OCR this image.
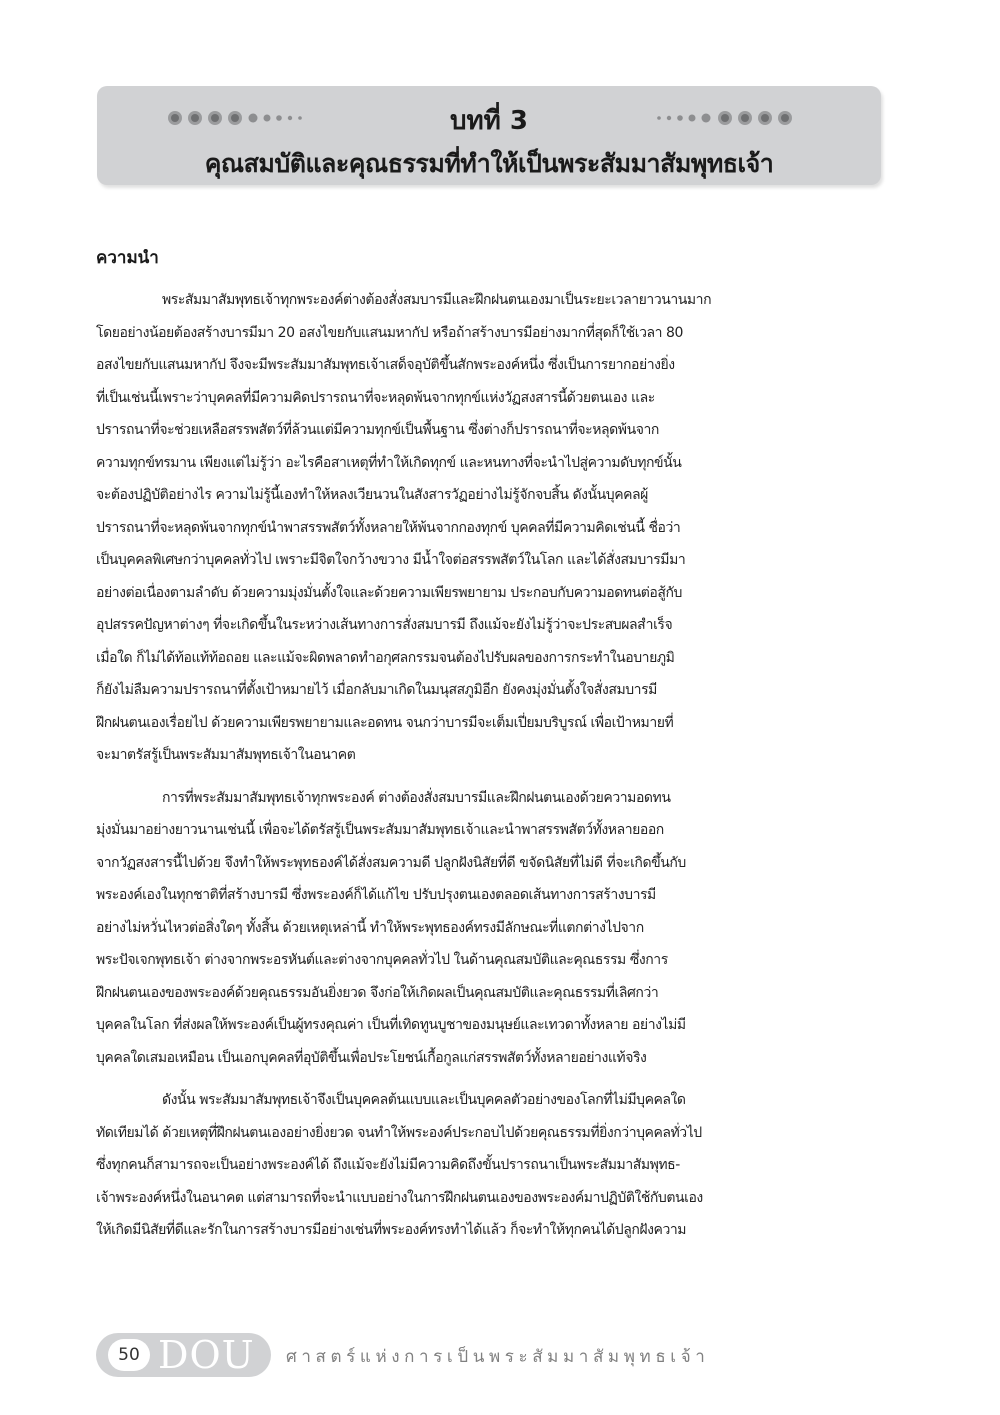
บทที่ 3
คุณสมบัติและคุณธรรมที่ทำให้เป็นพระสัมมาสัมพุทธเจ้า
ความนำ
พระสัมมาสัมพุทธเจ้าทุกพระองค์ต่างต้องสั่งสมบารมีและฝึกฝนตนเองมาเป็นระยะเวลายาวนานมาก
โดยอย่างน้อยต้องสร้างบารมีมา 20 อสงไขยกับแสนมหากัป หรือถ้าสร้างบารมีอย่างมากที่สุดก็ใช้เวลา 80
อสงไขยกับแสนมหากัป จึงจะมีพระสัมมาสัมพุทธเจ้าเสด็จอุบัติขึ้นสักพระองค์หนึ่ง ซึ่งเป็นการยากอย่างยิ่ง
ที่เป็นเช่นนี้เพราะว่าบุคคลที่มีความคิดปรารถนาที่จะหลุดพ้นจากทุกข์แห่งวัฏสงสารนี้ด้วยตนเอง และ
ปรารถนาที่จะช่วยเหลือสรรพสัตว์ที่ล้วนแต่มีความทุกข์เป็นพื้นฐาน ซึ่งต่างก็ปรารถนาที่จะหลุดพ้นจาก
ความทุกข์ทรมาน เพียงแต่ไม่รู้ว่า อะไรคือสาเหตุที่ทำให้เกิดทุกข์ และหนทางที่จะนำไปสู่ความดับทุกข์นั้น
จะต้องปฏิบัติอย่างไร ความไม่รู้นี้เองทำให้หลงเวียนวนในสังสารวัฏอย่างไม่รู้จักจบสิ้น ดังนั้นบุคคลผู้
ปรารถนาที่จะหลุดพ้นจากทุกข์นำพาสรรพสัตว์ทั้งหลายให้พ้นจากกองทุกข์ บุคคลที่มีความคิดเช่นนี้ ชื่อว่า
เป็นบุคคลพิเศษกว่าบุคคลทั่วไป เพราะมีจิตใจกว้างขวาง มีน้ำใจต่อสรรพสัตว์ในโลก และได้สั่งสมบารมีมา
อย่างต่อเนื่องตามลำดับ ด้วยความมุ่งมั่นตั้งใจและด้วยความเพียรพยายาม ประกอบกับความอดทนต่อสู้กับ
อุปสรรคปัญหาต่างๆ ที่จะเกิดขึ้นในระหว่างเส้นทางการสั่งสมบารมี ถึงแม้จะยังไม่รู้ว่าจะประสบผลสำเร็จ
เมื่อใด ก็ไม่ได้ท้อแท้ท้อถอย และแม้จะผิดพลาดทำอกุศลกรรมจนต้องไปรับผลของการกระทำในอบายภูมิ
ก็ยังไม่ลืมความปรารถนาที่ตั้งเป้าหมายไว้ เมื่อกลับมาเกิดในมนุสสภูมิอีก ยังคงมุ่งมั่นตั้งใจสั่งสมบารมี
ฝึกฝนตนเองเรื่อยไป ด้วยความเพียรพยายามและอดทน จนกว่าบารมีจะเต็มเปี่ยมบริบูรณ์ เพื่อเป้าหมายที่
จะมาตรัสรู้เป็นพระสัมมาสัมพุทธเจ้าในอนาคต
การที่พระสัมมาสัมพุทธเจ้าทุกพระองค์ ต่างต้องสั่งสมบารมีและฝึกฝนตนเองด้วยความอดทน
มุ่งมั่นมาอย่างยาวนานเช่นนี้ เพื่อจะได้ตรัสรู้เป็นพระสัมมาสัมพุทธเจ้าและนำพาสรรพสัตว์ทั้งหลายออก
จากวัฏสงสารนี้ไปด้วย จึงทำให้พระพุทธองค์ได้สั่งสมความดี ปลูกฝังนิสัยที่ดี ขจัดนิสัยที่ไม่ดี ที่จะเกิดขึ้นกับ
พระองค์เองในทุกชาติที่สร้างบารมี ซึ่งพระองค์ก็ได้แก้ไข ปรับปรุงตนเองตลอดเส้นทางการสร้างบารมี
อย่างไม่หวั่นไหวต่อสิ่งใดๆ ทั้งสิ้น ด้วยเหตุเหล่านี้ ทำให้พระพุทธองค์ทรงมีลักษณะที่แตกต่างไปจาก
พระปัจเจกพุทธเจ้า ต่างจากพระอรหันต์และต่างจากบุคคลทั่วไป ในด้านคุณสมบัติและคุณธรรม ซึ่งการ
ฝึกฝนตนเองของพระองค์ด้วยคุณธรรมอันยิ่งยวด จึงก่อให้เกิดผลเป็นคุณสมบัติและคุณธรรมที่เลิศกว่า
บุคคลในโลก ที่ส่งผลให้พระองค์เป็นผู้ทรงคุณค่า เป็นที่เทิดทูนบูชาของมนุษย์และเทวดาทั้งหลาย อย่างไม่มี
บุคคลใดเสมอเหมือน เป็นเอกบุคคลที่อุบัติขึ้นเพื่อประโยชน์เกื้อกูลแก่สรรพสัตว์ทั้งหลายอย่างแท้จริง
ดังนั้น พระสัมมาสัมพุทธเจ้าจึงเป็นบุคคลต้นแบบและเป็นบุคคลตัวอย่างของโลกที่ไม่มีบุคคลใด
ทัดเทียมได้ ด้วยเหตุที่ฝึกฝนตนเองอย่างยิ่งยวด จนทำให้พระองค์ประกอบไปด้วยคุณธรรมที่ยิ่งกว่าบุคคลทั่วไป
ซึ่งทุกคนก็สามารถจะเป็นอย่างพระองค์ได้ ถึงแม้จะยังไม่มีความคิดถึงขั้นปรารถนาเป็นพระสัมมาสัมพุทธ-
เจ้าพระองค์หนึ่งในอนาคต แต่สามารถที่จะนำแบบอย่างในการฝึกฝนตนเองของพระองค์มาปฏิบัติใช้กับตนเอง
ให้เกิดมีนิสัยที่ดีและรักในการสร้างบารมีอย่างเช่นที่พระองค์ทรงทำได้แล้ว ก็จะทำให้ทุกคนได้ปลูกฝังความ
50 DOU ศาสตร์แห่งการเป็นพระสัมมาสัมพุทธเจ้า
